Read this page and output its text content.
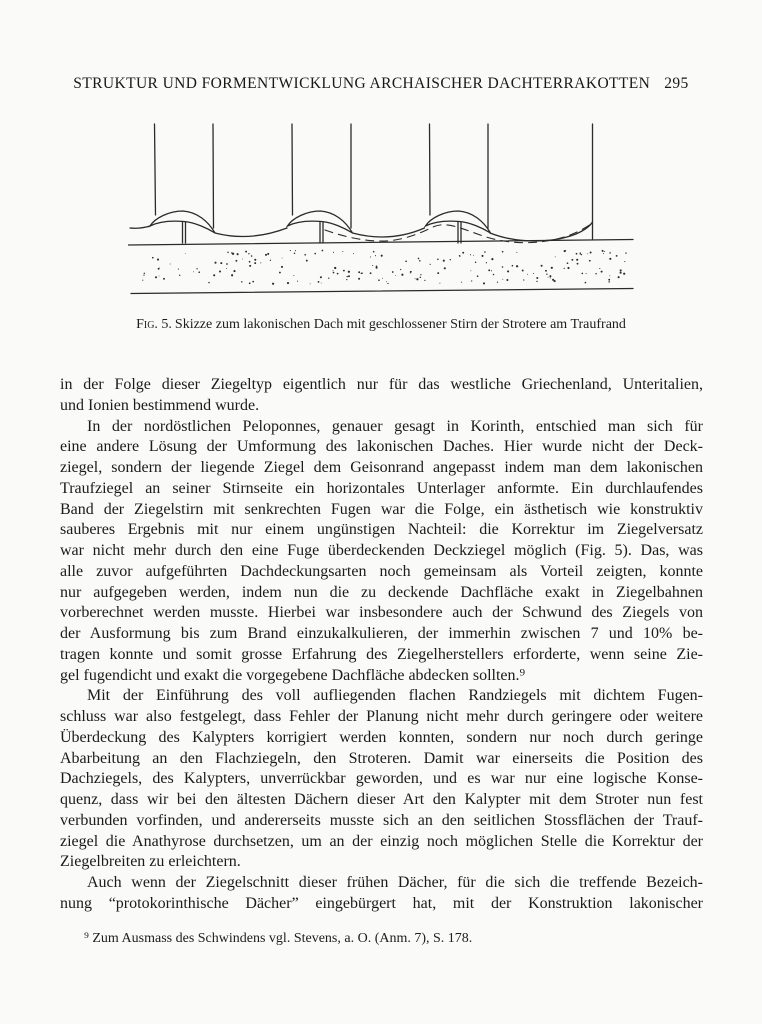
STRUKTUR UND FORMENTWICKLUNG ARCHAISCHER DACHTERRAKOTTEN 295
Fig. 5. Skizze zum lakonischen Dach mit geschlossener Stirn der Strotere am Traufrand
in der Folge dieser Ziegeltyp eigentlich nur für das westliche Griechenland, Unteritalien,
und Ionien bestimmend wurde.
In der nordöstlichen Peloponnes, genauer gesagt in Korinth, entschied man sich für
eine andere Lösung der Umformung des lakonischen Daches. Hier wurde nicht der Deck-
ziegel, sondern der liegende Ziegel dem Geisonrand angepasst indem man dem lakonischen
Traufziegel an seiner Stirnseite ein horizontales Unterlager anformte. Ein durchlaufendes
Band der Ziegelstirn mit senkrechten Fugen war die Folge, ein ästhetisch wie konstruktiv
sauberes Ergebnis mit nur einem ungünstigen Nachteil: die Korrektur im Ziegelversatz
war nicht mehr durch den eine Fuge überdeckenden Deckziegel möglich (Fig. 5). Das, was
alle zuvor aufgeführten Dachdeckungsarten noch gemeinsam als Vorteil zeigten, konnte
nur aufgegeben werden, indem nun die zu deckende Dachfläche exakt in Ziegelbahnen
vorberechnet werden musste. Hierbei war insbesondere auch der Schwund des Ziegels von
der Ausformung bis zum Brand einzukalkulieren, der immerhin zwischen 7 und 10% be-
tragen konnte und somit grosse Erfahrung des Ziegelherstellers erforderte, wenn seine Zie-
gel fugendicht und exakt die vorgegebene Dachfläche abdecken sollten.⁹
Mit der Einführung des voll aufliegenden flachen Randziegels mit dichtem Fugen-
schluss war also festgelegt, dass Fehler der Planung nicht mehr durch geringere oder weitere
Überdeckung des Kalypters korrigiert werden konnten, sondern nur noch durch geringe
Abarbeitung an den Flachziegeln, den Stroteren. Damit war einerseits die Position des
Dachziegels, des Kalypters, unverrückbar geworden, und es war nur eine logische Konse-
quenz, dass wir bei den ältesten Dächern dieser Art den Kalypter mit dem Stroter nun fest
verbunden vorfinden, und andererseits musste sich an den seitlichen Stossflächen der Trauf-
ziegel die Anathyrose durchsetzen, um an der einzig noch möglichen Stelle die Korrektur der
Ziegelbreiten zu erleichtern.
Auch wenn der Ziegelschnitt dieser frühen Dächer, für die sich die treffende Bezeich-
nung “protokorinthische Dächer” eingebürgert hat, mit der Konstruktion lakonischer
⁹ Zum Ausmass des Schwindens vgl. Stevens, a. O. (Anm. 7), S. 178.
